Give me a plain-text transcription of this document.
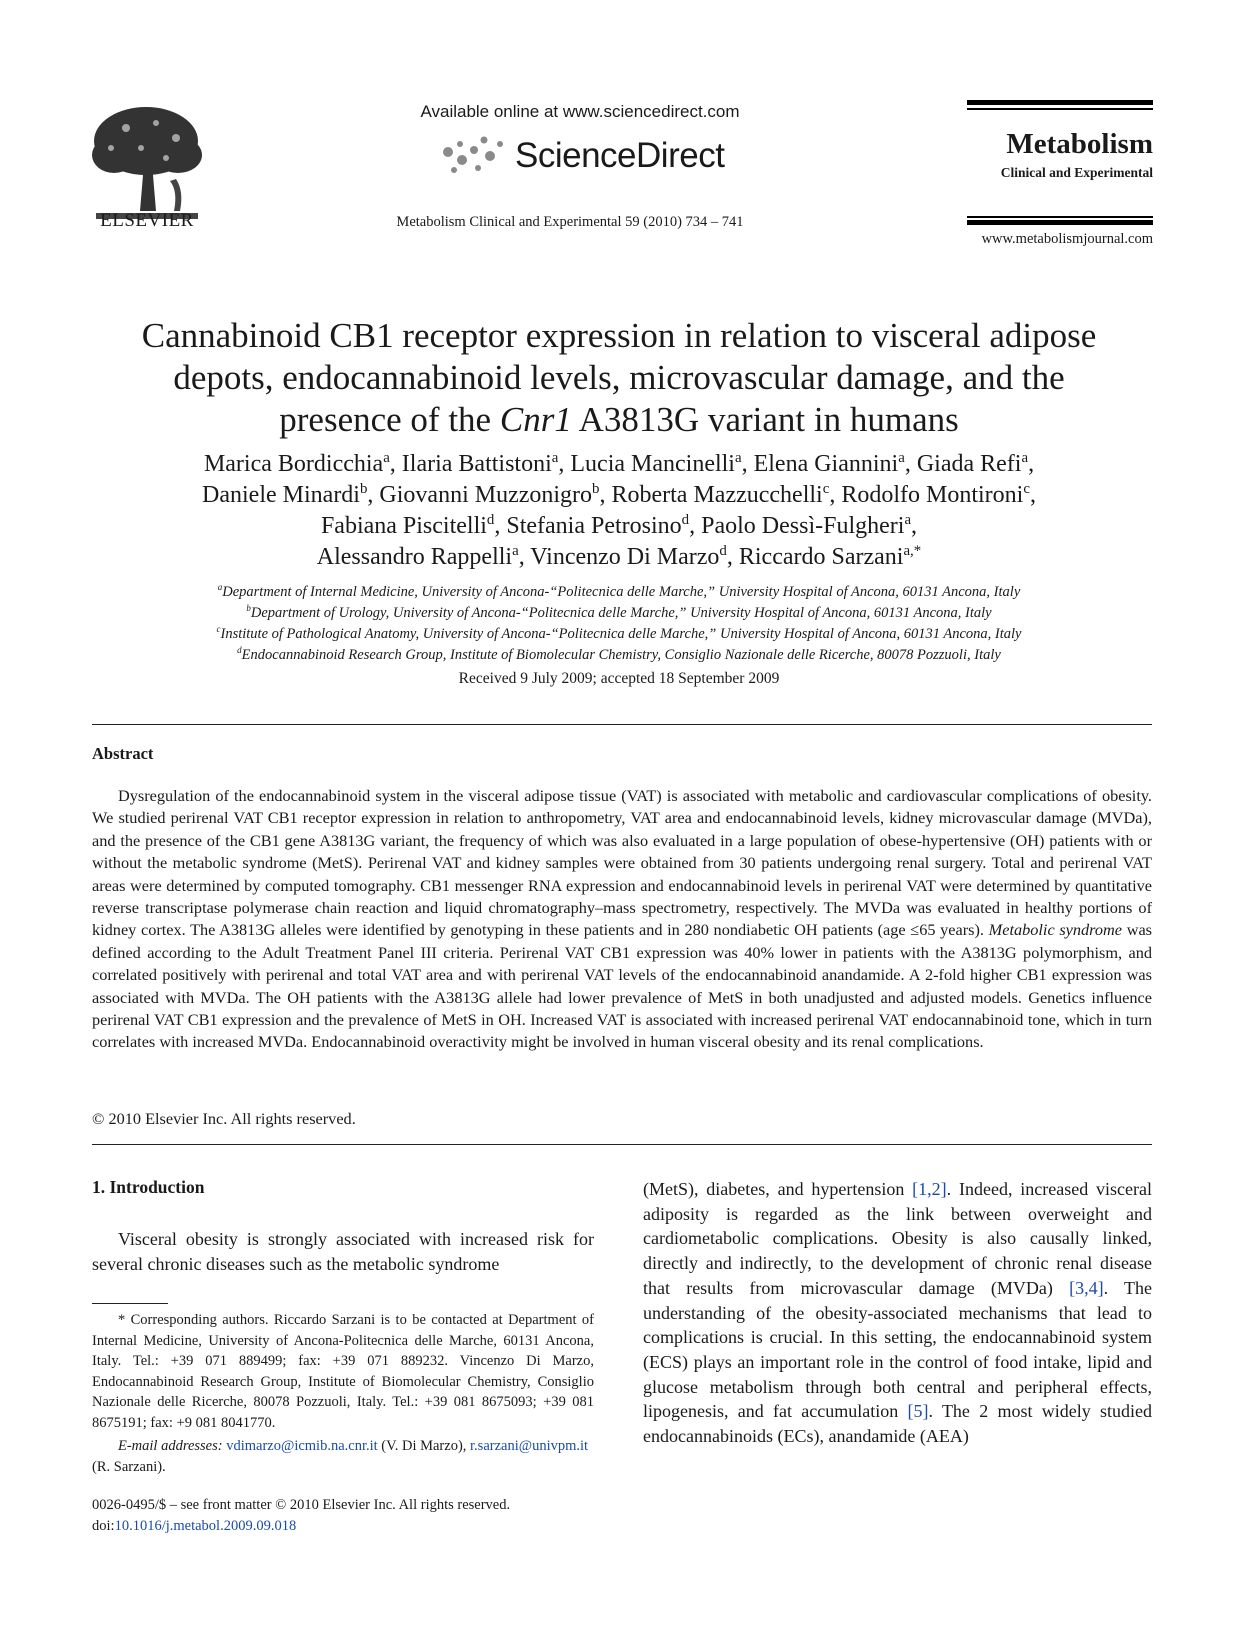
ELSEVIER
Available online at www.sciencedirect.com
ScienceDirect
Metabolism Clinical and Experimental 59 (2010) 734 – 741
Metabolism
Clinical and Experimental
www.metabolismjournal.com
Cannabinoid CB1 receptor expression in relation to visceral adipose
depots, endocannabinoid levels, microvascular damage, and the
presence of the Cnr1 A3813G variant in humans
Marica Bordicchia$^a$, Ilaria Battistoni$^a$, Lucia Mancinelli$^a$, Elena Giannini$^a$, Giada Refi$^a$,
Daniele Minardi$^b$, Giovanni Muzzonigro$^b$, Roberta Mazzucchelli$^c$, Rodolfo Montironi$^c$,
Fabiana Piscitelli$^d$, Stefania Petrosino$^d$, Paolo Dessì-Fulgheri$^a$,
Alessandro Rappelli$^a$, Vincenzo Di Marzo$^d$, Riccardo Sarzani$^{a,*}$
$^a$Department of Internal Medicine, University of Ancona-“Politecnica delle Marche,” University Hospital of Ancona, 60131 Ancona, Italy
$^b$Department of Urology, University of Ancona-“Politecnica delle Marche,” University Hospital of Ancona, 60131 Ancona, Italy
$^c$Institute of Pathological Anatomy, University of Ancona-“Politecnica delle Marche,” University Hospital of Ancona, 60131 Ancona, Italy
$^d$Endocannabinoid Research Group, Institute of Biomolecular Chemistry, Consiglio Nazionale delle Ricerche, 80078 Pozzuoli, Italy

Received 9 July 2009; accepted 18 September 2009
Abstract
Dysregulation of the endocannabinoid system in the visceral adipose tissue (VAT) is associated with metabolic and cardiovascular complications of obesity. We studied perirenal VAT CB1 receptor expression in relation to anthropometry, VAT area and endocannabinoid levels, kidney microvascular damage (MVDa), and the presence of the CB1 gene A3813G variant, the frequency of which was also evaluated in a large population of obese-hypertensive (OH) patients with or without the metabolic syndrome (MetS). Perirenal VAT and kidney samples were obtained from 30 patients undergoing renal surgery. Total and perirenal VAT areas were determined by computed tomography. CB1 messenger RNA expression and endocannabinoid levels in perirenal VAT were determined by quantitative reverse transcriptase polymerase chain reaction and liquid chromatography–mass spectrometry, respectively. The MVDa was evaluated in healthy portions of kidney cortex. The A3813G alleles were identified by genotyping in these patients and in 280 nondiabetic OH patients (age ≤65 years). Metabolic syndrome was defined according to the Adult Treatment Panel III criteria. Perirenal VAT CB1 expression was 40% lower in patients with the A3813G polymorphism, and correlated positively with perirenal and total VAT area and with perirenal VAT levels of the endocannabinoid anandamide. A 2-fold higher CB1 expression was associated with MVDa. The OH patients with the A3813G allele had lower prevalence of MetS in both unadjusted and adjusted models. Genetics influence perirenal VAT CB1 expression and the prevalence of MetS in OH. Increased VAT is associated with increased perirenal VAT endocannabinoid tone, which in turn correlates with increased MVDa. Endocannabinoid overactivity might be involved in human visceral obesity and its renal complications.
© 2010 Elsevier Inc. All rights reserved.
1. Introduction
Visceral obesity is strongly associated with increased risk for several chronic diseases such as the metabolic syndrome
(MetS), diabetes, and hypertension [1,2]. Indeed, increased visceral adiposity is regarded as the link between overweight and cardiometabolic complications. Obesity is also causally linked, directly and indirectly, to the development of chronic renal disease that results from microvascular damage (MVDa) [3,4]. The understanding of the obesity-associated mechanisms that lead to complications is crucial. In this setting, the endocannabinoid system (ECS) plays an important role in the control of food intake, lipid and glucose metabolism through both central and peripheral effects, lipogenesis, and fat accumulation [5]. The 2 most widely studied endocannabinoids (ECs), anandamide (AEA)
* Corresponding authors. Riccardo Sarzani is to be contacted at Department of Internal Medicine, University of Ancona-Politecnica delle Marche, 60131 Ancona, Italy. Tel.: +39 071 889499; fax: +39 071 889232. Vincenzo Di Marzo, Endocannabinoid Research Group, Institute of Biomolecular Chemistry, Consiglio Nazionale delle Ricerche, 80078 Pozzuoli, Italy. Tel.: +39 081 8675093; +39 081 8675191; fax: +9 081 8041770.
E-mail addresses: vdimarzo@icmib.na.cnr.it (V. Di Marzo), r.sarzani@univpm.it (R. Sarzani).
0026-0495/$ – see front matter © 2010 Elsevier Inc. All rights reserved.
doi:10.1016/j.metabol.2009.09.018
